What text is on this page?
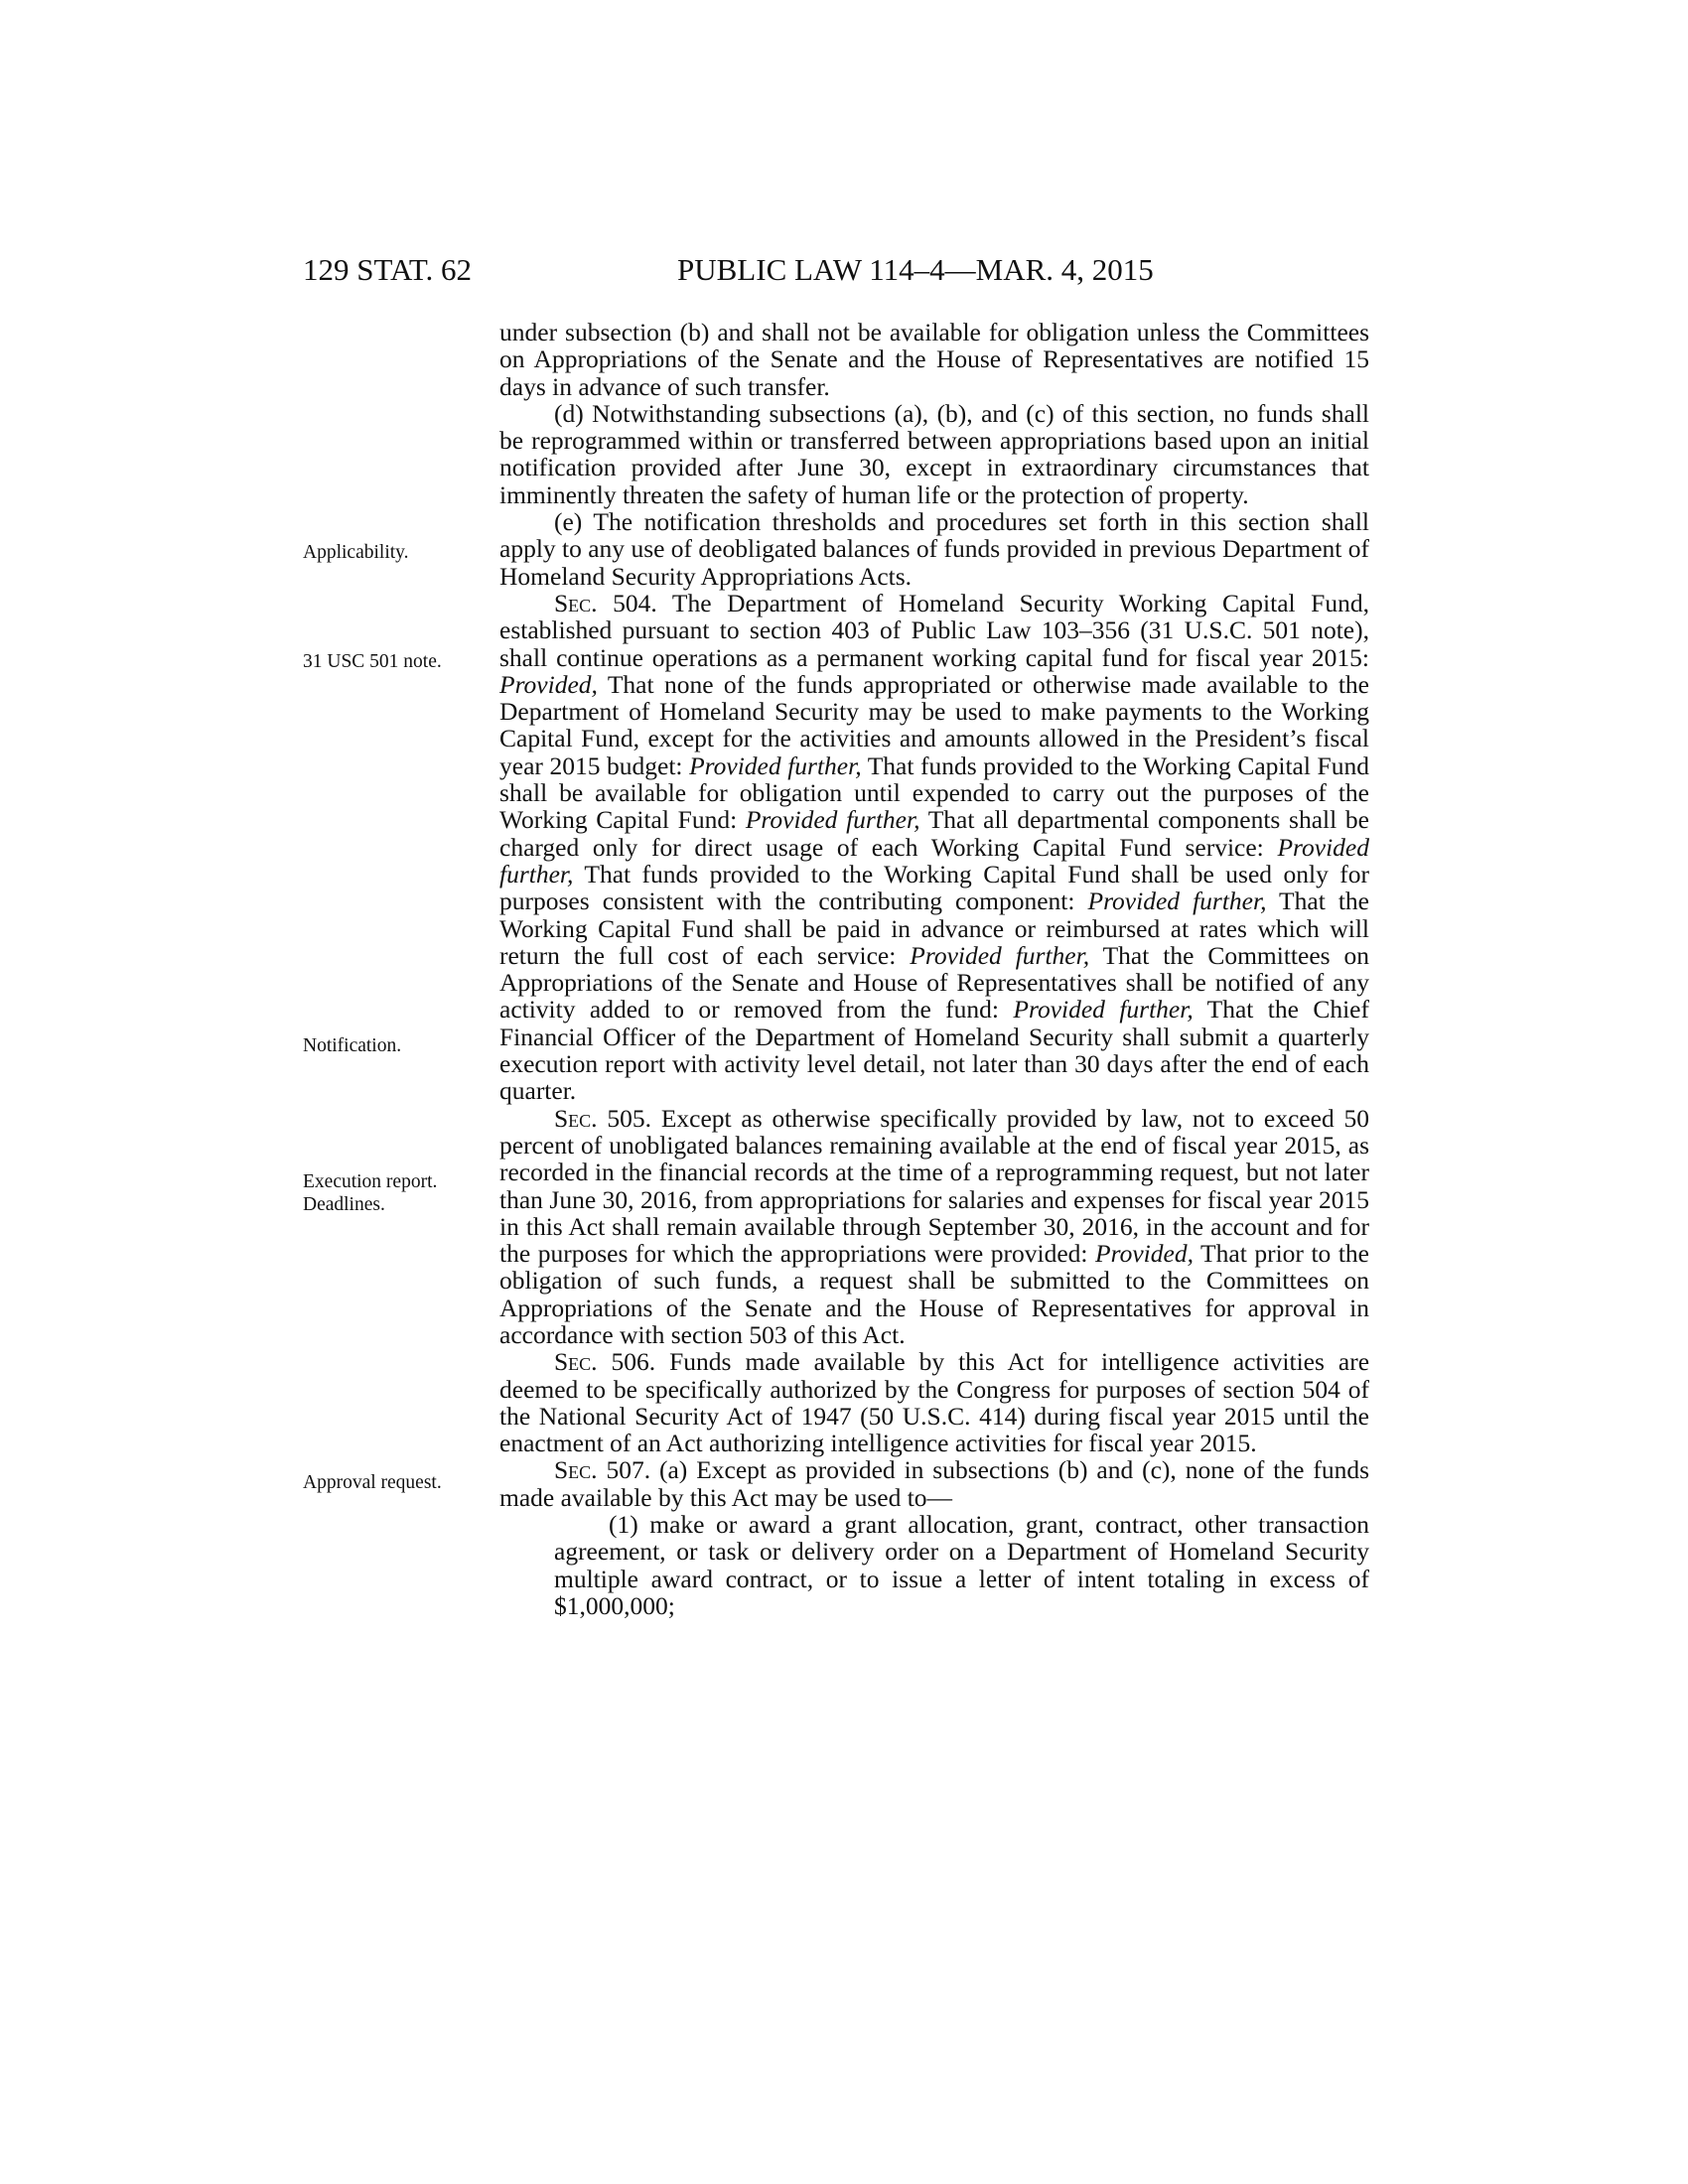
129 STAT. 62	PUBLIC LAW 114–4—MAR. 4, 2015
Applicability.
31 USC 501 note.
Notification.
Execution report.
Deadlines.
Approval request.

under subsection (b) and shall not be available for obligation unless the Committees on Appropriations of the Senate and the House of Representatives are notified 15 days in advance of such transfer.

(d) Notwithstanding subsections (a), (b), and (c) of this section, no funds shall be reprogrammed within or transferred between appropriations based upon an initial notification provided after June 30, except in extraordinary circumstances that imminently threaten the safety of human life or the protection of property.

(e) The notification thresholds and procedures set forth in this section shall apply to any use of deobligated balances of funds provided in previous Department of Homeland Security Appropriations Acts.

Sec. 504. The Department of Homeland Security Working Capital Fund, established pursuant to section 403 of Public Law 103–356 (31 U.S.C. 501 note), shall continue operations as a permanent working capital fund for fiscal year 2015: Provided, That none of the funds appropriated or otherwise made available to the Department of Homeland Security may be used to make payments to the Working Capital Fund, except for the activities and amounts allowed in the President’s fiscal year 2015 budget: Provided further, That funds provided to the Working Capital Fund shall be available for obligation until expended to carry out the purposes of the Working Capital Fund: Provided further, That all departmental components shall be charged only for direct usage of each Working Capital Fund service: Provided further, That funds provided to the Working Capital Fund shall be used only for purposes consistent with the contributing component: Provided further, That the Working Capital Fund shall be paid in advance or reimbursed at rates which will return the full cost of each service: Provided further, That the Committees on Appropriations of the Senate and House of Representatives shall be notified of any activity added to or removed from the fund: Provided further, That the Chief Financial Officer of the Department of Homeland Security shall submit a quarterly execution report with activity level detail, not later than 30 days after the end of each quarter.

Sec. 505. Except as otherwise specifically provided by law, not to exceed 50 percent of unobligated balances remaining available at the end of fiscal year 2015, as recorded in the financial records at the time of a reprogramming request, but not later than June 30, 2016, from appropriations for salaries and expenses for fiscal year 2015 in this Act shall remain available through September 30, 2016, in the account and for the purposes for which the appropriations were provided: Provided, That prior to the obligation of such funds, a request shall be submitted to the Committees on Appropriations of the Senate and the House of Representatives for approval in accordance with section 503 of this Act.

Sec. 506. Funds made available by this Act for intelligence activities are deemed to be specifically authorized by the Congress for purposes of section 504 of the National Security Act of 1947 (50 U.S.C. 414) during fiscal year 2015 until the enactment of an Act authorizing intelligence activities for fiscal year 2015.

Sec. 507. (a) Except as provided in subsections (b) and (c), none of the funds made available by this Act may be used to—

(1) make or award a grant allocation, grant, contract, other transaction agreement, or task or delivery order on a Department of Homeland Security multiple award contract, or to issue a letter of intent totaling in excess of $1,000,000;
